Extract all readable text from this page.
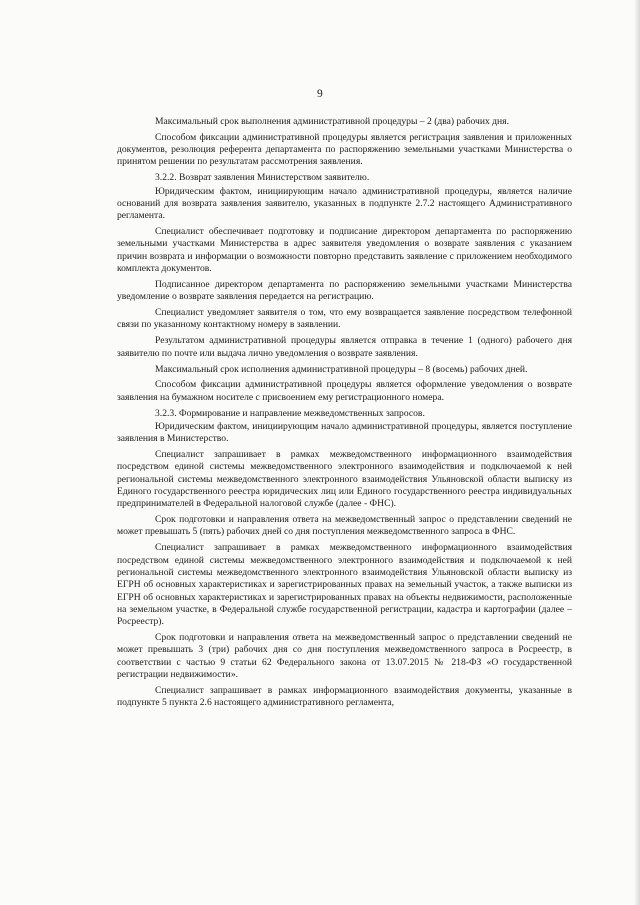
9

Максимальный срок выполнения административной процедуры – 2 (два) рабочих дня.

Способом фиксации административной процедуры является регистрация заявления и приложенных документов, резолюция референта департамента по распоряжению земельными участками Министерства о принятом решении по результатам рассмотрения заявления.

3.2.2. Возврат заявления Министерством заявителю.

Юридическим фактом, инициирующим начало административной процедуры, является наличие оснований для возврата заявления заявителю, указанных в подпункте 2.7.2 настоящего Административного регламента.

Специалист обеспечивает подготовку и подписание директором департамента по распоряжению земельными участками Министерства в адрес заявителя уведомления о возврате заявления с указанием причин возврата и информации о возможности повторно представить заявление с приложением необходимого комплекта документов.

Подписанное директором департамента по распоряжению земельными участками Министерства уведомление о возврате заявления передается на регистрацию.

Специалист уведомляет заявителя о том, что ему возвращается заявление посредством телефонной связи по указанному контактному номеру в заявлении.

Результатом административной процедуры является отправка в течение 1 (одного) рабочего дня заявителю по почте или выдача лично уведомления о возврате заявления.

Максимальный срок исполнения административной процедуры – 8 (восемь) рабочих дней.

Способом фиксации административной процедуры является оформление уведомления о возврате заявления на бумажном носителе с присвоением ему регистрационного номера.

3.2.3. Формирование и направление межведомственных запросов.

Юридическим фактом, инициирующим начало административной процедуры, является поступление заявления в Министерство.

Специалист запрашивает в рамках межведомственного информационного взаимодействия посредством единой системы межведомственного электронного взаимодействия и подключаемой к ней региональной системы межведомственного электронного взаимодействия Ульяновской области выписку из Единого государственного реестра юридических лиц или Единого государственного реестра индивидуальных предпринимателей в Федеральной налоговой службе (далее - ФНС).

Срок подготовки и направления ответа на межведомственный запрос о представлении сведений не может превышать 5 (пять) рабочих дней со дня поступления межведомственного запроса в ФНС.

Специалист запрашивает в рамках межведомственного информационного взаимодействия посредством единой системы межведомственного электронного взаимодействия и подключаемой к ней региональной системы межведомственного электронного взаимодействия Ульяновской области выписку из ЕГРН об основных характеристиках и зарегистрированных правах на земельный участок, а также выписки из ЕГРН об основных характеристиках и зарегистрированных правах на объекты недвижимости, расположенные на земельном участке, в Федеральной службе государственной регистрации, кадастра и картографии (далее – Росреестр).

Срок подготовки и направления ответа на межведомственный запрос о представлении сведений не может превышать 3 (три) рабочих дня со дня поступления межведомственного запроса в Росреестр, в соответствии с частью 9 статьи 62 Федерального закона от 13.07.2015 № 218-ФЗ «О государственной регистрации недвижимости».

Специалист запрашивает в рамках информационного взаимодействия документы, указанные в подпункте 5 пункта 2.6 настоящего административного регламента,
